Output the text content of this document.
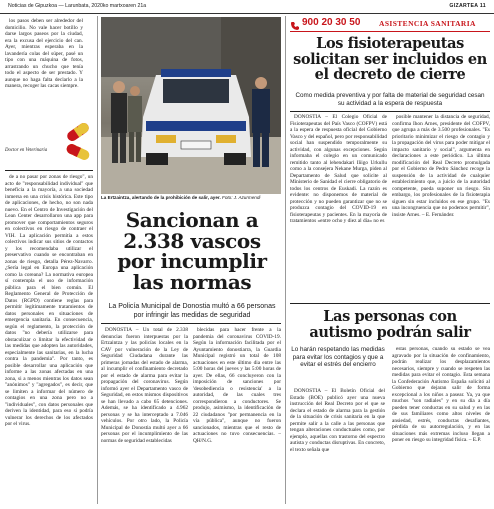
Noticias de Gipuzkoa — Larunbata, 2020ko martxoaren 21a	GIZARTEA 11

los pasos deben ser alrededor del domicilio. No vale hacer botillo y darse largos paseos por la ciudad, era la excusa del ejercicio del can. Ayer, mientras esperaba en la lavandería colas del súper, pasé un tipo con una máquina de fotos, arrastrando un chucho que tenía todo el aspecto de ser prestado. Y aunque no haga falta declarlo a la manera, recoger las cacas siempre.

Doctor en Veterinaria

de a no pasar por zonas de riesgo", un acto de "responsabilidad individual" que beneficia a la mayoría, a una sociedad inmersa en una crisis histórica. Este tipo de aplicaciones, de hecho, no son nada nuevo. En el Centro de Investigación del Lean Center desarrollaron una app para promover que comportamientos seguros en colectivos en riesgo de contraer el VIH. La aplicación permitía a estos colectivos indicar sus sitios de contactos y los recomendaba utilizar el preservativo cuando se encontraban en zonas de riesgo, detalla Pérez-Navarro. ¿Sería legal en Europa una aplicación como la coreana? La normativa europea sí contempla el uso de información pública para el bien común. El Reglamento General de Protección de Datos (RGPD) contiene reglas para permitir legítimamente tratamientos de datos personales en situaciones de emergencia sanitaria. En consecuencia, según el reglamento, la protección de datos "no debería utilizarse para obstaculizar o limitar la efectividad de las medidas que adopten las autoridades, especialmente las sanitarias, en la lucha contra la pandemia". Por tanto, es posible desarrollar una aplicación que informe a las zonas afectadas en una zona, si a menos mientras los datos sean "anónimos" y "agregados", es decir, que se limiten a informar del número de contagios en una zona pero no a "individuales", con datos personales que deriven la identidad, para eso sí podría vulnerar los derechos de los afectados por el virus.

La Ertzaintza, alertando de la prohibición de salir, ayer. Foto: J. Azurmendi
Sancionan a 2.338 vascos por incumplir las normas
La Policía Municipal de Donostia multó a 66 personas por infringir las medidas de seguridad

DONOSTIA – Un total de 2.338 denuncias fueron interpuestas por la Ertzaintza y las policías locales en la CAV por vulneración de la Ley de Seguridad Ciudadana durante las primeras jornadas del estado de alarma, al incumplir el confinamiento decretado por el estado de alarma para evitar la propagación del coronavirus. Según informó ayer el Departamento vasco de Seguridad, en estos mismos dispositivos se han llevado a cabo 65 detenciones. Además, se ha identificado a 4.962 personas y se ha interceptado a 7.046 vehículos. Por otro lado, la Policía Municipal de Donostia multó ayer a 66 personas por el incumplimiento de las normas de seguridad establecidas

blecidas para hacer frente a la pandemia del coronavirus COVID-19. Según la información facilitada por el Ayuntamiento donostiarra, la Guardia Municipal registró un total de 108 actuaciones en este último dia entre las 5:00 horas del jueves y las 5:00 horas de ayer. De ellas, 66 concluyeron con la imposición de sanciones por 'desobediencia o resistencia' a la autoridad, de las cuales tres correspondieron a conductores. Se produjo, asimismo, la identificación de 22 ciudadanos "por permanencia en la vía pública", aunque no fueron sancionados, mientras que el resto de actuaciones no tuvo consecuencias. – QH/N.G.

900 20 30 50 ASISTENCIA SANITARIA
Los fisioterapeutas solicitan ser incluidos en el decreto de cierre
Como medida preventiva y por falta de material de seguridad cesan su actividad a la espera de respuesta

DONOSTIA – El Colegio Oficial de Fisioterapeutas del País Vasco (COFPV) está a la espera de respuesta oficial del Gobierno Vasco y del español, pero por responsabilidad social han suspendido temporalmente su actividad, con algunas excepciones. Según informaba el colegio en un comunicado remitido tanto al lehendakari Iñigo Urkullu como a la consejera Nekane Murga, piden al Departamento de Salud que solicite al Ministerio de Sanidad el cierre obligatorio de todos los centros de Euskadi. La razón es evidente: no disponemos de material de protección y no pueden garantizar que no se produzca contagio del COVID-19 en fisioterapeutas y pacientes. En la mayoría de tratamientos «entre ocho y diez al día» no es

posible mantener la distancia de seguridad, confirma Ihon Arnes, presidente del COFPV, que agrupa a más de 3.500 profesionales. "Es prioritario minimizar el riesgo de contagio y la propagación del virus para poder mitigar el impacto sanitario y social", argumenta en declaraciones a este periódico. La última modificación del Real Decreto promulgada por el Gobierno de Pedro Sánchez recoge la suspensión de la actividad de cualquier establecimiento que, a juicio de la autoridad competente, pueda suponer un riesgo. Sin embargo, los profesionales de la fisioterapia siguen sin estar incluidos en ese grupo. "Es una incongruencia que no podemos permitir", insiste Arnes. – E. Fernández

Las personas con autismo podrán salir
Lo harán respetando las medidas para evitar los contagios y que a evitar el estrés del encierro

DONOSTIA – El Boletín Oficial del Estado (BOE) publicó ayer una nueva instrucción del Real Decreto por el que se declara el estado de alarma para la gestión de la situación de crisis sanitaria en la que permite salir a la calle a las personas que tengan alteraciones conductuales como, por ejemplo, aquellas con trastorno del espectro autista y conductas disruptivas. En concreto, el texto señala que

estas personas, cuando su estado se vea agravado por la situación de confinamiento, podrán realizar los desplazamientos necesarios, siempre y cuando se respeten las medidas para evitar el contagio. Esta semana la Confederación Autismo España solicitó al Gobierno que dejaran salir de forma excepcional a los niños a pasear. Ya, ya que muchos "son radiales" y en su día a día pueden tener conductas en su salud y en las de sus familiares como altos niveles de ansiedad, estrés, conductas desafiantes, pérdida de su autorregulación, y en las situaciones más extremas incluso llegan a poner en riesgo su integridad física. – E.P.
